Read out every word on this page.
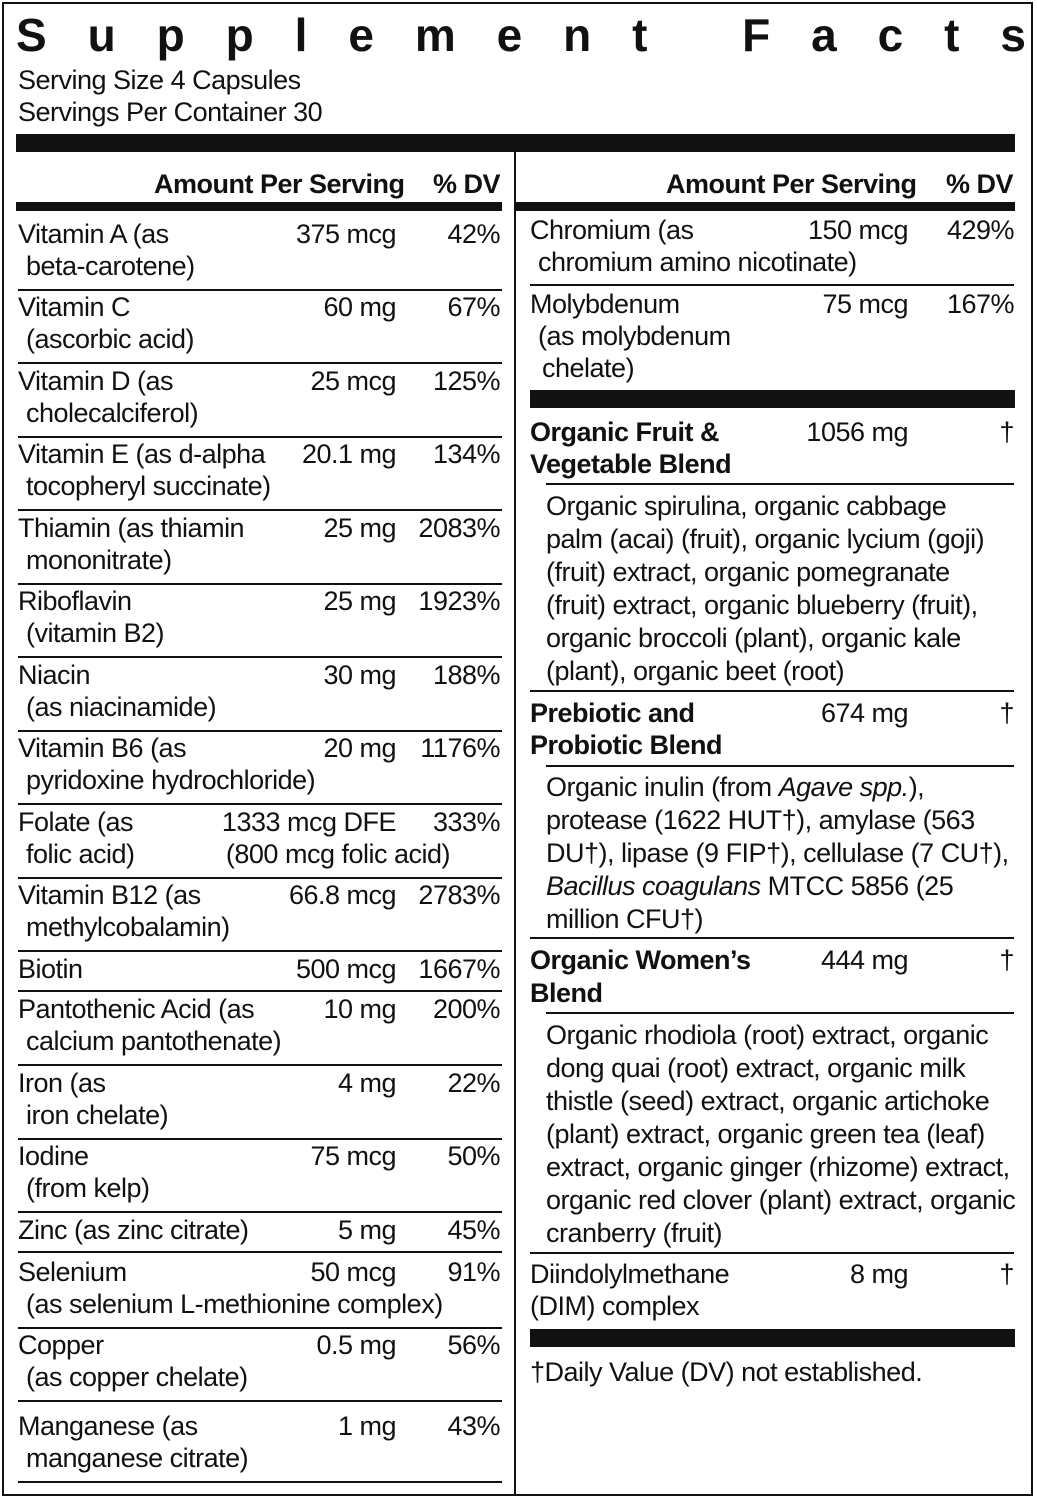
S u p p l e m e n t
F a c t s
Serving Size 4 Capsules
Servings Per Container 30
Amount Per Serving % DV	Amount Per Serving % DV
Vitamin A (as
beta-carotene)
375 mcg 42%
Vitamin C
(ascorbic acid)
60 mg 67%
Vitamin D (as
cholecalciferol)
25 mcg 125%
Vitamin E (as d-alpha
tocopheryl succinate)
20.1 mg 134%
Thiamin (as thiamin
mononitrate)
25 mg 2083%
Riboflavin
(vitamin B2)
25 mg 1923%
Niacin
(as niacinamide)
30 mg 188%
Vitamin B6 (as
pyridoxine hydrochloride)
20 mg 1176%
Folate (as
folic acid)
1333 mcg DFE
(800 mcg folic acid)
333%
Vitamin B12 (as
methylcobalamin)
66.8 mcg 2783%
Biotin	500 mcg 1667%
Pantothenic Acid (as
calcium pantothenate)
10 mg 200%
Iron (as
iron chelate)
4 mg 22%
Iodine
(from kelp)
75 mcg 50%
Zinc (as zinc citrate)	5 mg 45%
Selenium
(as selenium L-methionine complex)
50 mcg 91%
Copper
(as copper chelate)
0.5 mg 56%
Manganese (as
manganese citrate)
1 mg 43%
Chromium (as
chromium amino nicotinate)
150 mcg 429%
Molybdenum
(as molybdenum
chelate)
75 mcg 167%
Organic Fruit &
Vegetable Blend
1056 mg	†
Organic spirulina, organic cabbage
palm (acai) (fruit), organic lycium (goji)
(fruit) extract, organic pomegranate
(fruit) extract, organic blueberry (fruit),
organic broccoli (plant), organic kale
(plant), organic beet (root)
Prebiotic and
Probiotic Blend
674 mg	†
Organic inulin (from Agave spp.),
protease (1622 HUT†), amylase (563
DU†), lipase (9 FIP†), cellulase (7 CU†),
Bacillus coagulans MTCC 5856 (25
million CFU†)
Organic Women’s
Blend
444 mg	†
Organic rhodiola (root) extract, organic
dong quai (root) extract, organic milk
thistle (seed) extract, organic artichoke
(plant) extract, organic green tea (leaf)
extract, organic ginger (rhizome) extract,
organic red clover (plant) extract, organic
cranberry (fruit)
Diindolylmethane
(DIM) complex
8 mg	†
†Daily Value (DV) not established.
